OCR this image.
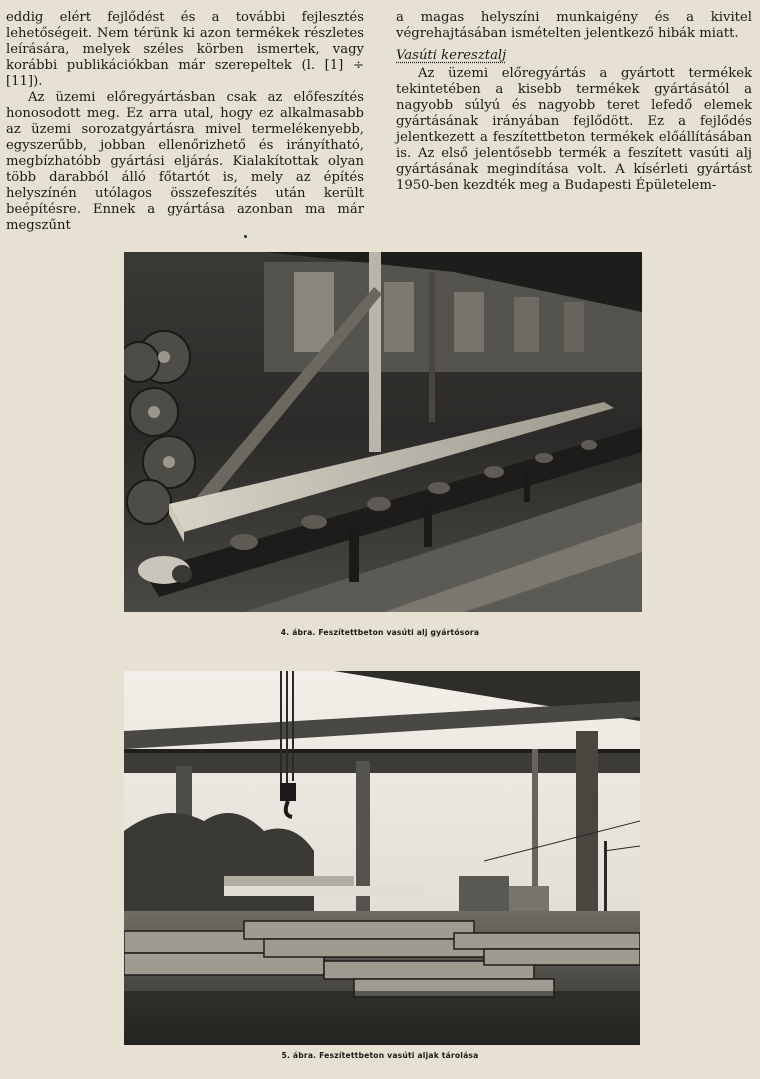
eddig elért fejlődést és a további fejlesztés lehetőségeit. Nem térünk ki azon termékek részletes leírására, melyek széles körben ismertek, vagy korábbi publikációkban már szerepeltek (l. [1] ÷ [11]).

Az üzemi előregyártásban csak az előfeszítés honosodott meg. Ez arra utal, hogy ez alkalmasabb az üzemi sorozatgyártásra mivel termelékenyebb, egyszerűbb, jobban ellenőrizhető és irányítható, megbízhatóbb gyártási eljárás. Kialakítottak olyan több darabból álló főtartót is, mely az építés helyszínén utólagos összefeszítés után került beépítésre. Ennek a gyártása azonban ma már megszűnt

a magas helyszíni munkaigény és a kivitel végrehajtásában ismételten jelentkező hibák miatt.

Vasúti keresztalj

Az üzemi előregyártás a gyártott termékek tekintetében a kisebb termékek gyártásától a nagyobb súlyú és nagyobb teret lefedő elemek gyártásának irányában fejlődött. Ez a fejlődés jelentkezett a feszítettbeton termékek előállításában is. Az első jelentősebb termék a feszített vasúti alj gyártásának megindítása volt. A kísérleti gyártást 1950-ben kezdték meg a Budapesti Épületelem-

4. ábra. Feszítettbeton vasúti alj gyártósora
5. ábra. Feszítettbeton vasúti aljak tárolása
